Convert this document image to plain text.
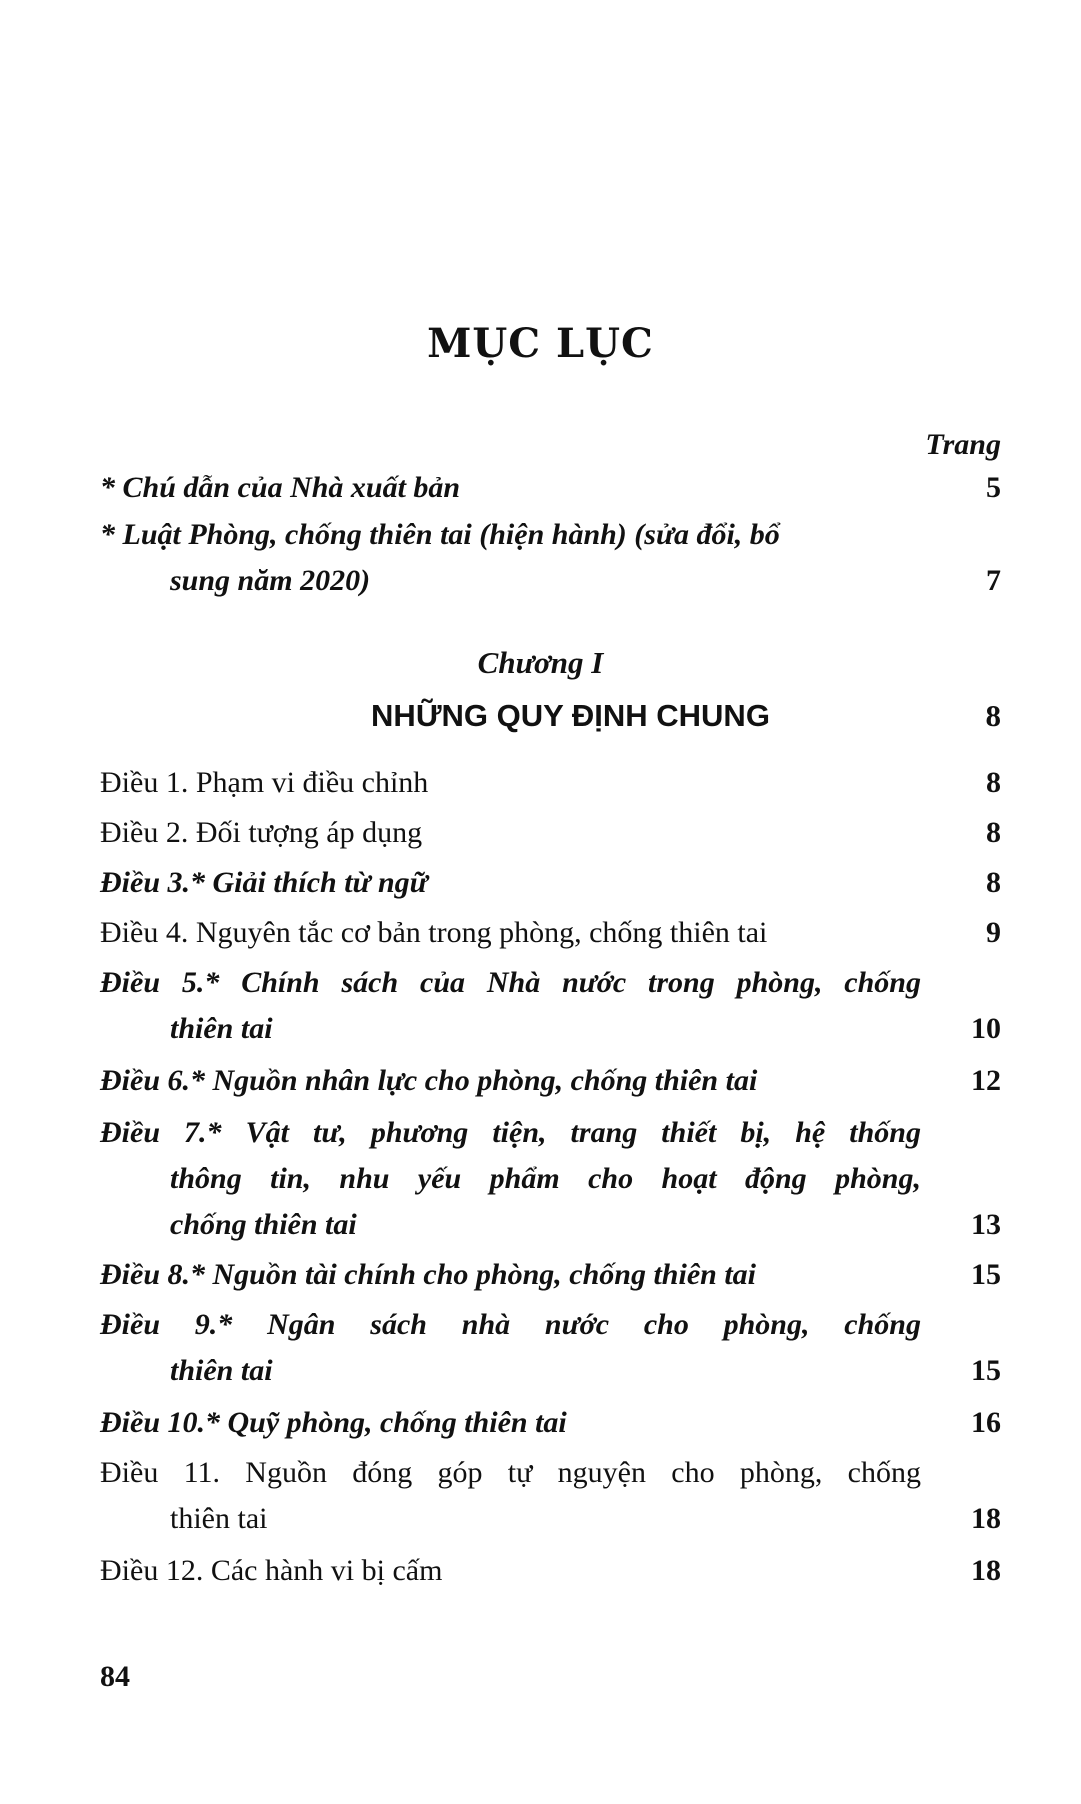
MỤC LỤC
Trang
* Chú dẫn của Nhà xuất bản	5
* Luật Phòng, chống thiên tai (hiện hành) (sửa đổi, bổ
sung năm 2020)	7
Chương I
NHỮNG QUY ĐỊNH CHUNG	8
Điều 1. Phạm vi điều chỉnh	8
Điều 2. Đối tượng áp dụng	8
Điều 3.* Giải thích từ ngữ	8
Điều 4. Nguyên tắc cơ bản trong phòng, chống thiên tai	9
Điều 5.* Chính sách của Nhà nước trong phòng, chống
thiên tai	10
Điều 6.* Nguồn nhân lực cho phòng, chống thiên tai	12
Điều 7.* Vật tư, phương tiện, trang thiết bị, hệ thống
thông tin, nhu yếu phẩm cho hoạt động phòng,
chống thiên tai	13
Điều 8.* Nguồn tài chính cho phòng, chống thiên tai	15
Điều 9.* Ngân sách nhà nước cho phòng, chống
thiên tai	15
Điều 10.* Quỹ phòng, chống thiên tai	16
Điều 11. Nguồn đóng góp tự nguyện cho phòng, chống
thiên tai	18
Điều 12. Các hành vi bị cấm	18
84
